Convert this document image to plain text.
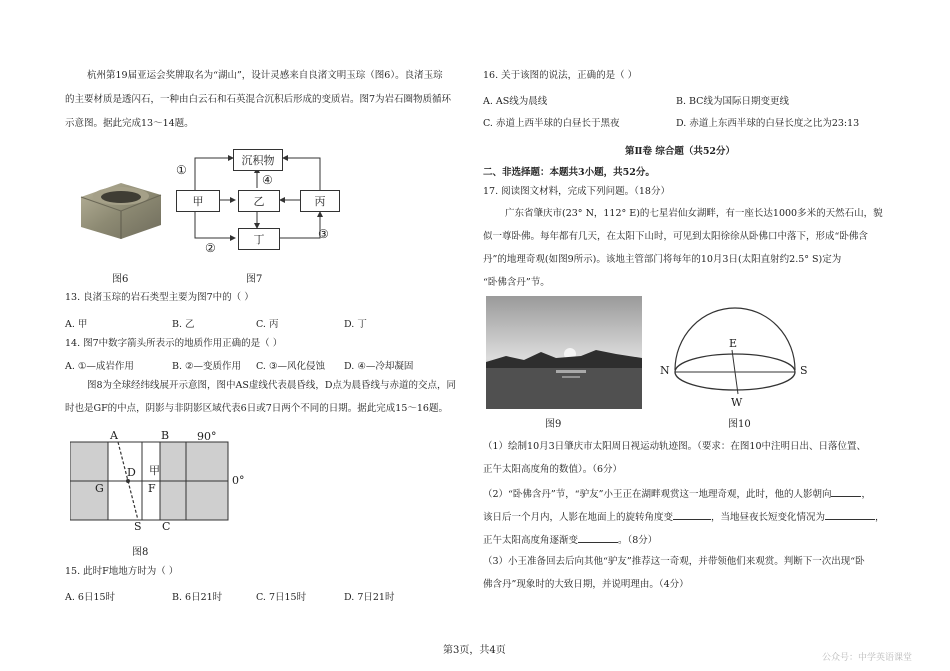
杭州第19届亚运会奖牌取名为“湖山”，设计灵感来自良渚文明玉琮（图6）。良渚玉琮
的主要材质是透闪石，一种由白云石和石英混合沉积后形成的变质岩。图7为岩石圈物质循环
示意图。据此完成13～14题。
图6
沉积物
甲	乙	丙
丁
①
④
②
③
图7
13. 良渚玉琮的岩石类型主要为图7中的（ ）
A. 甲	B. 乙	C. 丙	D. 丁
14. 图7中数字箭头所表示的地质作用正确的是（ ）
A. ①—成岩作用	B. ②—变质作用 C. ③—风化侵蚀 D. ④—冷却凝固
图8为全球经纬线展开示意图，图中AS虚线代表晨昏线，D点为晨昏线与赤道的交点，同
时也是GF的中点，阴影与非阴影区域代表6日或7日两个不同的日期。据此完成15～16题。
A	B	90°
甲
D
G	F
0°
S C
图8
15. 此时F地地方时为（ ）
A. 6日15时	B. 6日21时	C. 7日15时	D. 7日21时
16. 关于该图的说法，正确的是（ ）
A. AS线为晨线	B. BC线为国际日期变更线
C. 赤道上西半球的白昼长于黑夜	D. 赤道上东西半球的白昼长度之比为23:13
第Ⅱ卷 综合题（共52分）
二、非选择题：本题共3小题，共52分。
17. 阅读图文材料，完成下列问题。（18分）
广东省肇庆市(23° N，112° E)的七星岩仙女湖畔，有一座长达1000多米的天然石山，貌
似一尊卧佛。每年都有几天，在太阳下山时，可见到太阳徐徐从卧佛口中落下，形成“卧佛含
丹”的地理奇观(如图9所示)。该地主管部门将每年的10月3日(太阳直射约2.5° S)定为
“卧佛含丹”节。
图9
N	S
E
W
图10
（1）绘制10月3日肇庆市太阳周日视运动轨迹图。（要求：在图10中注明日出、日落位置、
正午太阳高度角的数值）。（6分）
（2）“卧佛含丹”节，“驴友”小王正在湖畔观赏这一地理奇观，此时，他的人影朝向	，
该日后一个月内，人影在地面上的旋转角度变	，当地昼夜长短变化情况为	，
正午太阳高度角逐渐变	。（8分）
（3）小王准备回去后向其他“驴友”推荐这一奇观，并带领他们来观赏。判断下一次出现“卧
佛含丹”现象时的大致日期，并说明理由。（4分）
第3页，共4页
公众号：中学英语课堂
